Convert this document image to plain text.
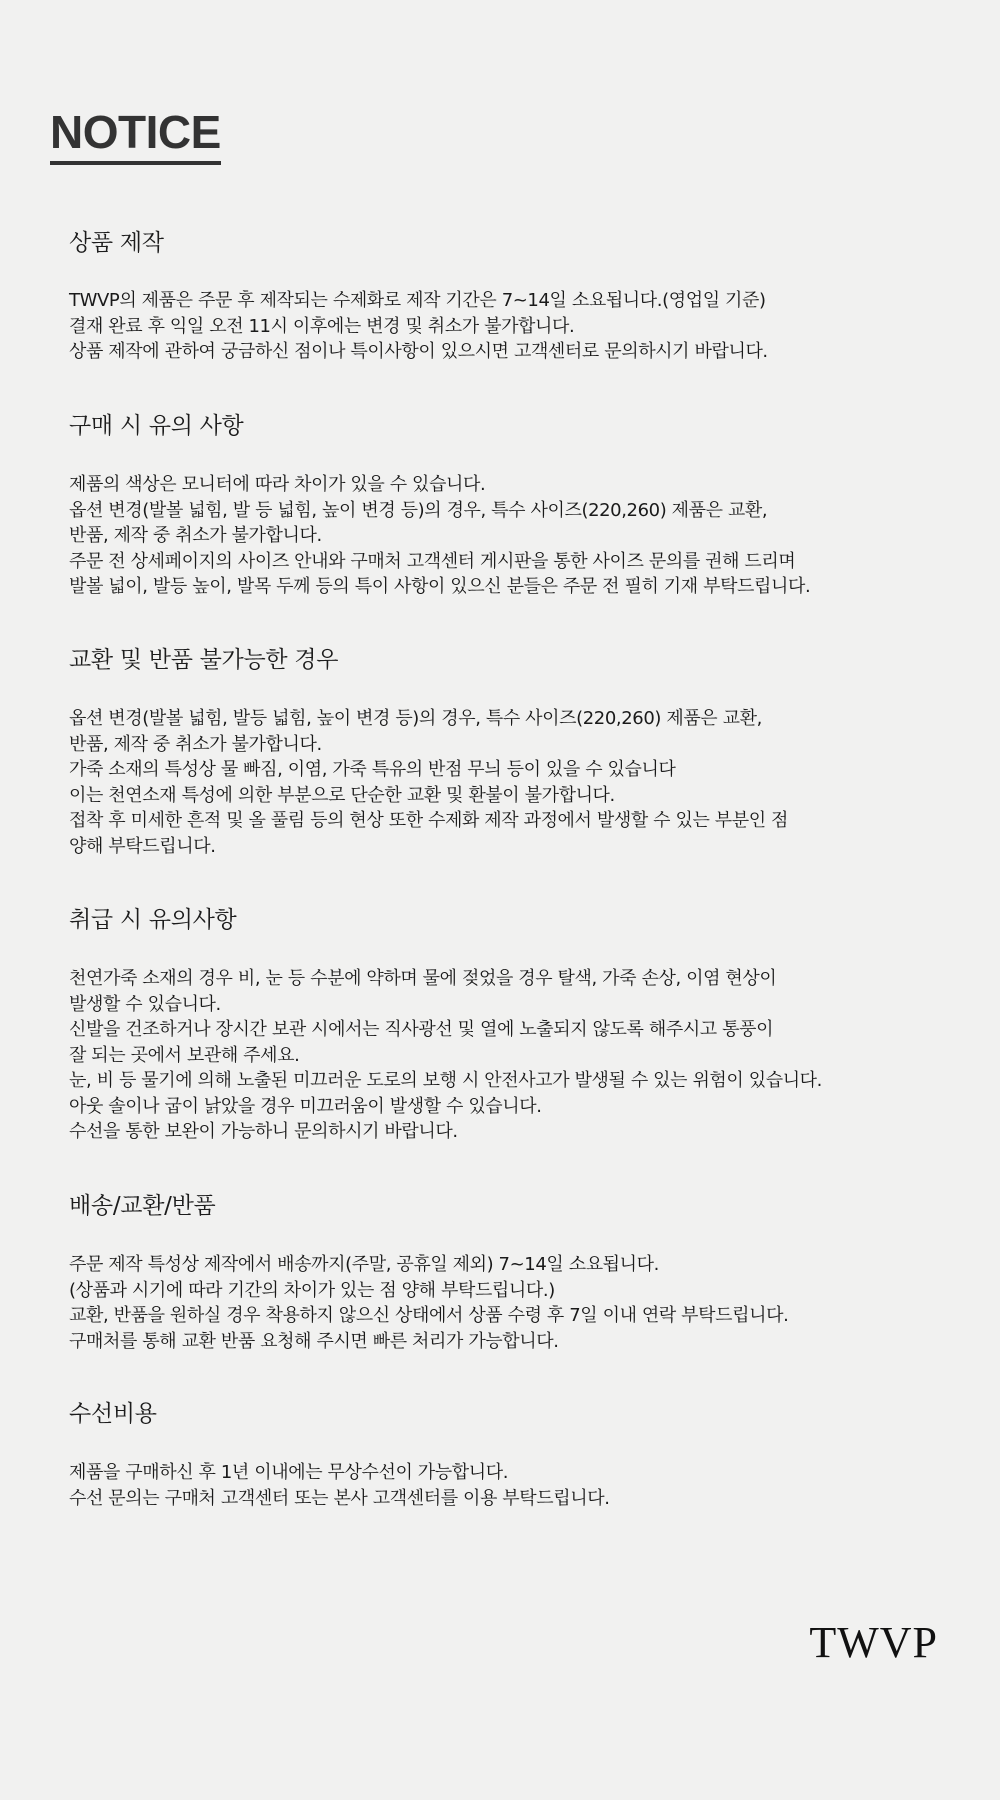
NOTICE
상품 제작

TWVP의 제품은 주문 후 제작되는 수제화로 제작 기간은 7~14일 소요됩니다.(영업일 기준)

결재 완료 후 익일 오전 11시 이후에는 변경 및 취소가 불가합니다.

상품 제작에 관하여 궁금하신 점이나 특이사항이 있으시면 고객센터로 문의하시기 바랍니다.

구매 시 유의 사항

제품의 색상은 모니터에 따라 차이가 있을 수 있습니다.

옵션 변경(발볼 넓힘, 발 등 넓힘, 높이 변경 등)의 경우, 특수 사이즈(220,260) 제품은 교환,

반품, 제작 중 취소가 불가합니다.

주문 전 상세페이지의 사이즈 안내와 구매처 고객센터 게시판을 통한 사이즈 문의를 권해 드리며

발볼 넓이, 발등 높이, 발목 두께 등의 특이 사항이 있으신 분들은 주문 전 필히 기재 부탁드립니다.

교환 및 반품 불가능한 경우

옵션 변경(발볼 넓힘, 발등 넓힘, 높이 변경 등)의 경우, 특수 사이즈(220,260) 제품은 교환,

반품, 제작 중 취소가 불가합니다.

가죽 소재의 특성상 물 빠짐, 이염, 가죽 특유의 반점 무늬 등이 있을 수 있습니다

이는 천연소재 특성에 의한 부분으로 단순한 교환 및 환불이 불가합니다.

접착 후 미세한 흔적 및 올 풀림 등의 현상 또한 수제화 제작 과정에서 발생할 수 있는 부분인 점

양해 부탁드립니다.

취급 시 유의사항

천연가죽 소재의 경우 비, 눈 등 수분에 약하며 물에 젖었을 경우 탈색, 가죽 손상, 이염 현상이

발생할 수 있습니다.

신발을 건조하거나 장시간 보관 시에서는 직사광선 및 열에 노출되지 않도록 해주시고 통풍이

잘 되는 곳에서 보관해 주세요.

눈, 비 등 물기에 의해 노출된 미끄러운 도로의 보행 시 안전사고가 발생될 수 있는 위험이 있습니다.

아웃 솔이나 굽이 낡았을 경우 미끄러움이 발생할 수 있습니다.

수선을 통한 보완이 가능하니 문의하시기 바랍니다.

배송/교환/반품

주문 제작 특성상 제작에서 배송까지(주말, 공휴일 제외) 7~14일 소요됩니다.

(상품과 시기에 따라 기간의 차이가 있는 점 양해 부탁드립니다.)

교환, 반품을 원하실 경우 착용하지 않으신 상태에서 상품 수령 후 7일 이내 연락 부탁드립니다.

구매처를 통해 교환 반품 요청해 주시면 빠른 처리가 가능합니다.

수선비용

제품을 구매하신 후 1년 이내에는 무상수선이 가능합니다.

수선 문의는 구매처 고객센터 또는 본사 고객센터를 이용 부탁드립니다.

TWVP
